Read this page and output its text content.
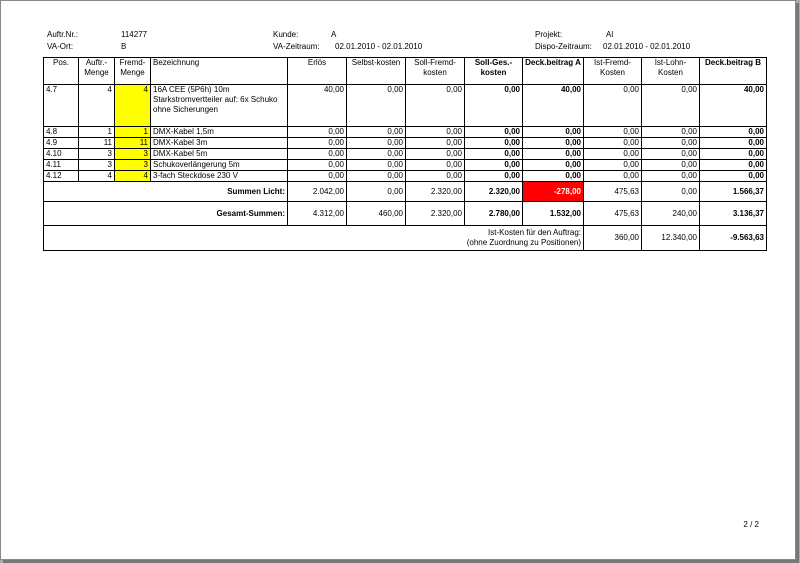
Auftr.Nr.:	114277	Kunde:	A	Projekt:	Al
VA-Ort:	B	VA-Zeitraum: 02.01.2010 - 02.01.2010	Dispo-Zeitraum: 02.01.2010 - 02.01.2010
Pos.	Auftr.-Menge	Fremd-Menge	Bezeichnung	Erlös	Selbst-kosten	Soll-Fremd-kosten	Soll-Ges.-kosten	Deck.beitrag A	Ist-Fremd-Kosten	Ist-Lohn-Kosten	Deck.beitrag B
4.7	4	4	16A CEE (5P6h) 10m Starkstromvertteiler auf: 6x Schuko ohne Sicherungen	40,00	0,00	0,00	0,00	40,00	0,00	0,00	40,00
4.8	1	1	DMX-Kabel 1,5m	0,00	0,00	0,00	0,00	0,00	0,00	0,00	0,00
4.9	11	11	DMX-Kabel 3m	0,00	0,00	0,00	0,00	0,00	0,00	0,00	0,00
4.10	3	3	DMX-Kabel 5m	0,00	0,00	0,00	0,00	0,00	0,00	0,00	0,00
4.11	3	3	Schukoverlängerung 5m	0,00	0,00	0,00	0,00	0,00	0,00	0,00	0,00
4.12	4	4	3-fach Steckdose 230 V	0,00	0,00	0,00	0,00	0,00	0,00	0,00	0,00
Summen Licht:				2.042,00	0,00	2.320,00	2.320,00	-278,00	475,63	0,00	1.566,37
Gesamt-Summen:				4.312,00	460,00	2.320,00	2.780,00	1.532,00	475,63	240,00	3.136,37

Ist-Kosten für den Auftrag:
(ohne Zuordnung zu Positionen)									360,00	12.340,00	-9.563,63
2 / 2
